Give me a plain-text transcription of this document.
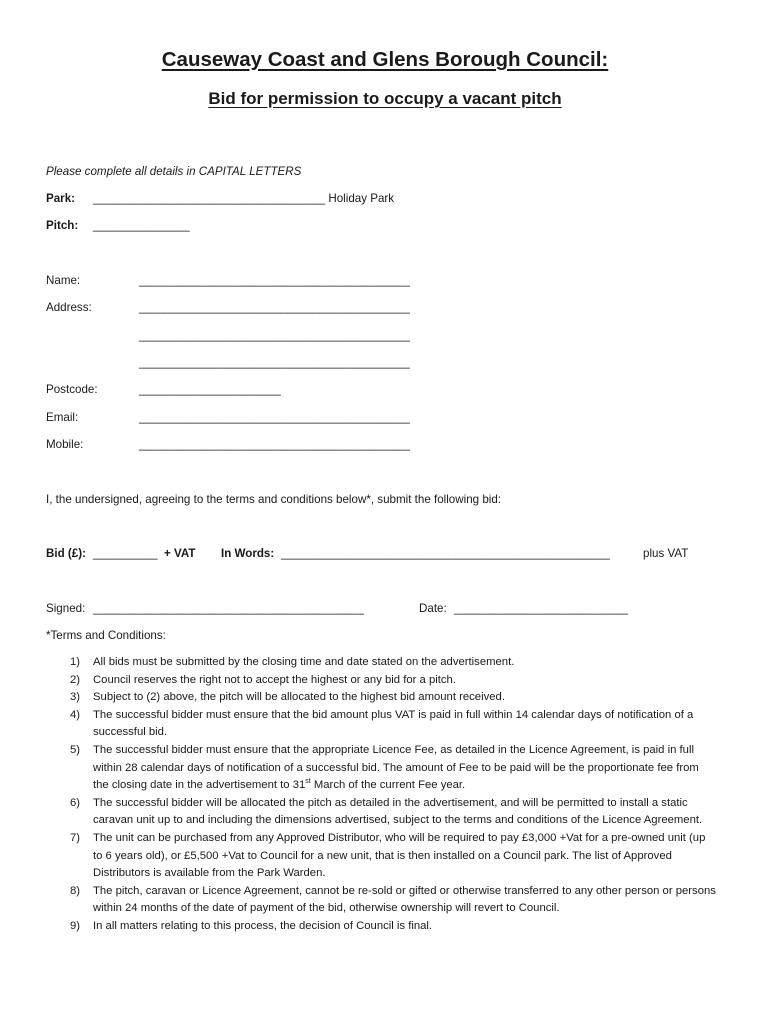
Causeway Coast and Glens Borough Council:
Bid for permission to occupy a vacant pitch
Please complete all details in CAPITAL LETTERS
Park: ____________________________________ Holiday Park
Pitch: _______________
Name:	__________________________________________
Address:	__________________________________________
__________________________________________
__________________________________________
Postcode:	______________________
Email:	__________________________________________
Mobile:	__________________________________________
I, the undersigned, agreeing to the terms and conditions below*, submit the following bid:
Bid (£): __________ + VAT In Words: ___________________________________________________	plus VAT
Signed: __________________________________________	Date: ___________________________
*Terms and Conditions:
1) All bids must be submitted by the closing time and date stated on the advertisement.
2) Council reserves the right not to accept the highest or any bid for a pitch.
3) Subject to (2) above, the pitch will be allocated to the highest bid amount received.
4) The successful bidder must ensure that the bid amount plus VAT is paid in full within 14 calendar days of notification of a successful bid.
5) The successful bidder must ensure that the appropriate Licence Fee, as detailed in the Licence Agreement, is paid in full within 28 calendar days of notification of a successful bid. The amount of Fee to be paid will be the proportionate fee from the closing date in the advertisement to 31st March of the current Fee year.
6) The successful bidder will be allocated the pitch as detailed in the advertisement, and will be permitted to install a static caravan unit up to and including the dimensions advertised, subject to the terms and conditions of the Licence Agreement.
7) The unit can be purchased from any Approved Distributor, who will be required to pay £3,000 +Vat for a pre-owned unit (up to 6 years old), or £5,500 +Vat to Council for a new unit, that is then installed on a Council park. The list of Approved Distributors is available from the Park Warden.
8) The pitch, caravan or Licence Agreement, cannot be re-sold or gifted or otherwise transferred to any other person or persons within 24 months of the date of payment of the bid, otherwise ownership will revert to Council.
9) In all matters relating to this process, the decision of Council is final.
